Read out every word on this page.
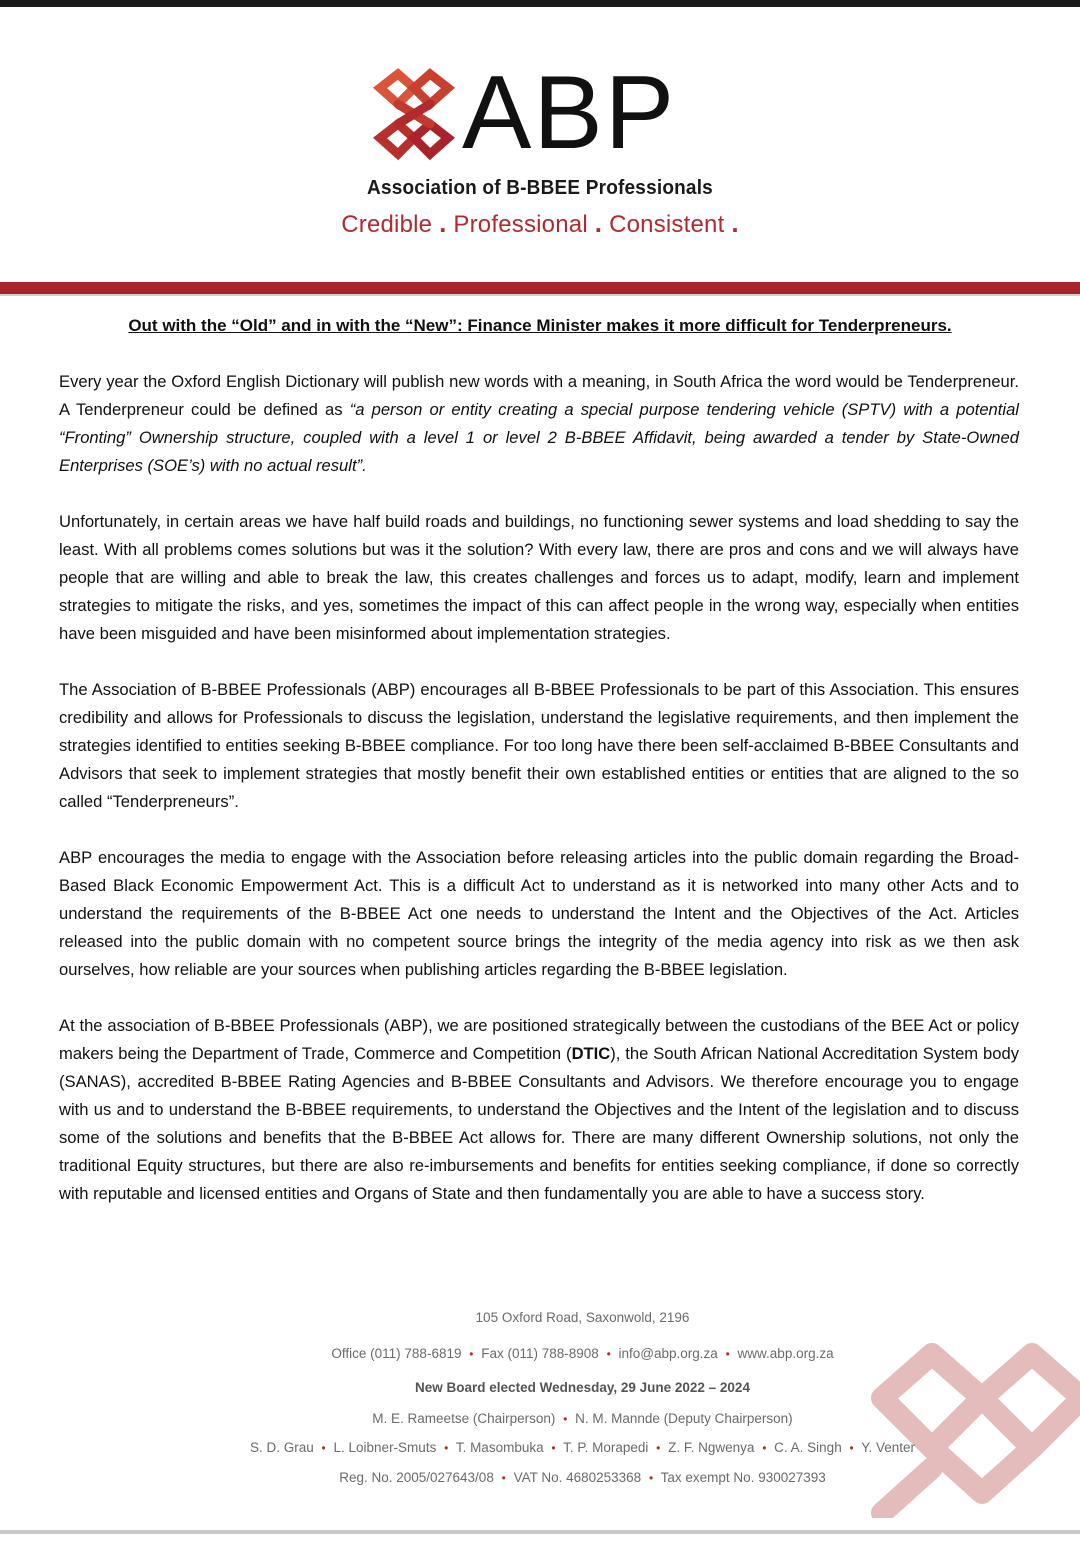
ABP
Association of B-BBEE Professionals
Credible . Professional . Consistent .
Out with the “Old” and in with the “New”: Finance Minister makes it more difficult for Tenderpreneurs.

Every year the Oxford English Dictionary will publish new words with a meaning, in South Africa the word would be Tenderpreneur. A Tenderpreneur could be defined as “a person or entity creating a special purpose tendering vehicle (SPTV) with a potential “Fronting” Ownership structure, coupled with a level 1 or level 2 B-BBEE Affidavit, being awarded a tender by State-Owned Enterprises (SOE’s) with no actual result”.

Unfortunately, in certain areas we have half build roads and buildings, no functioning sewer systems and load shedding to say the least. With all problems comes solutions but was it the solution? With every law, there are pros and cons and we will always have people that are willing and able to break the law, this creates challenges and forces us to adapt, modify, learn and implement strategies to mitigate the risks, and yes, sometimes the impact of this can affect people in the wrong way, especially when entities have been misguided and have been misinformed about implementation strategies.

The Association of B-BBEE Professionals (ABP) encourages all B-BBEE Professionals to be part of this Association. This ensures credibility and allows for Professionals to discuss the legislation, understand the legislative requirements, and then implement the strategies identified to entities seeking B-BBEE compliance. For too long have there been self-acclaimed B-BBEE Consultants and Advisors that seek to implement strategies that mostly benefit their own established entities or entities that are aligned to the so called “Tenderpreneurs”.

ABP encourages the media to engage with the Association before releasing articles into the public domain regarding the Broad-Based Black Economic Empowerment Act. This is a difficult Act to understand as it is networked into many other Acts and to understand the requirements of the B-BBEE Act one needs to understand the Intent and the Objectives of the Act. Articles released into the public domain with no competent source brings the integrity of the media agency into risk as we then ask ourselves, how reliable are your sources when publishing articles regarding the B-BBEE legislation.

At the association of B-BBEE Professionals (ABP), we are positioned strategically between the custodians of the BEE Act or policy makers being the Department of Trade, Commerce and Competition (DTIC), the South African National Accreditation System body (SANAS), accredited B-BBEE Rating Agencies and B-BBEE Consultants and Advisors. We therefore encourage you to engage with us and to understand the B-BBEE requirements, to understand the Objectives and the Intent of the legislation and to discuss some of the solutions and benefits that the B-BBEE Act allows for. There are many different Ownership solutions, not only the traditional Equity structures, but there are also re-imbursements and benefits for entities seeking compliance, if done so correctly with reputable and licensed entities and Organs of State and then fundamentally you are able to have a success story.

105 Oxford Road, Saxonwold, 2196
Office (011) 788-6819 • Fax (011) 788-8908 • info@abp.org.za • www.abp.org.za
New Board elected Wednesday, 29 June 2022 – 2024
M. E. Rameetse (Chairperson) • N. M. Mannde (Deputy Chairperson)
S. D. Grau • L. Loibner-Smuts • T. Masombuka • T. P. Morapedi • Z. F. Ngwenya • C. A. Singh • Y. Venter
Reg. No. 2005/027643/08 • VAT No. 4680253368 • Tax exempt No. 930027393
